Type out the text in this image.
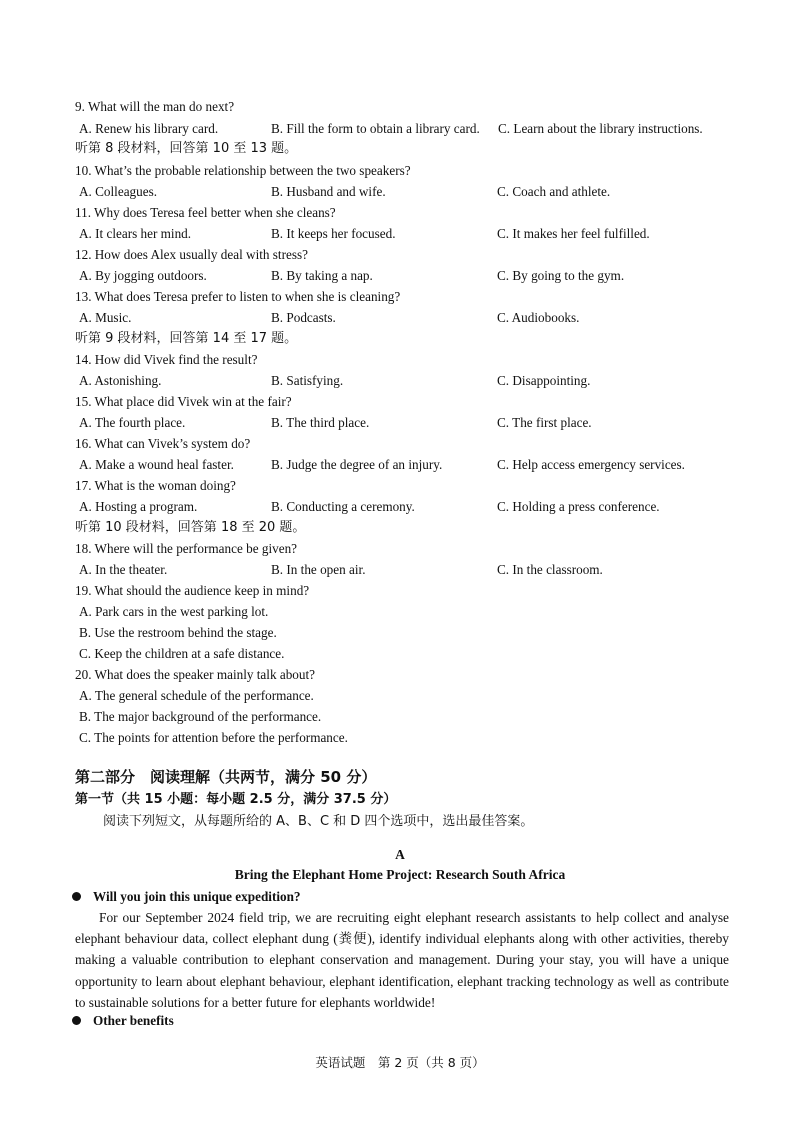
9. What will the man do next?
A. Renew his library card.	B. Fill the form to obtain a library card. C. Learn about the library instructions.
听第 8 段材料，回答第 10 至 13 题。
10. What’s the probable relationship between the two speakers?
A. Colleagues.	B. Husband and wife.	C. Coach and athlete.
11. Why does Teresa feel better when she cleans?
A. It clears her mind.	B. It keeps her focused.	C. It makes her feel fulfilled.
12. How does Alex usually deal with stress?
A. By jogging outdoors.	B. By taking a nap.	C. By going to the gym.
13. What does Teresa prefer to listen to when she is cleaning?
A. Music.	B. Podcasts.	C. Audiobooks.
听第 9 段材料，回答第 14 至 17 题。
14. How did Vivek find the result?
A. Astonishing.	B. Satisfying.	C. Disappointing.
15. What place did Vivek win at the fair?
A. The fourth place.	B. The third place.	C. The first place.
16. What can Vivek’s system do?
A. Make a wound heal faster.	B. Judge the degree of an injury.	C. Help access emergency services.
17. What is the woman doing?
A. Hosting a program.	B. Conducting a ceremony.	C. Holding a press conference.
听第 10 段材料，回答第 18 至 20 题。
18. Where will the performance be given?
A. In the theater.	B. In the open air.	C. In the classroom.
19. What should the audience keep in mind?
A. Park cars in the west parking lot.
B. Use the restroom behind the stage.
C. Keep the children at a safe distance.
20. What does the speaker mainly talk about?
A. The general schedule of the performance.
B. The major background of the performance.
C. The points for attention before the performance.
第二部分　阅读理解（共两节，满分 50 分）
第一节（共 15 小题：每小题 2.5 分，满分 37.5 分）
阅读下列短文，从每题所给的 A、B、C 和 D 四个选项中，选出最佳答案。
A
Bring the Elephant Home Project: Research South Africa
Will you join this unique expedition?
For our September 2024 field trip, we are recruiting eight elephant research assistants to help collect and analyse elephant behaviour data, collect elephant dung (粪便), identify individual elephants along with other activities, thereby making a valuable contribution to elephant conservation and management. During your stay, you will have a unique opportunity to learn about elephant behaviour, elephant identification, elephant tracking technology as well as contribute to sustainable solutions for a better future for elephants worldwide!
Other benefits
英语试题　第 2 页（共 8 页）
